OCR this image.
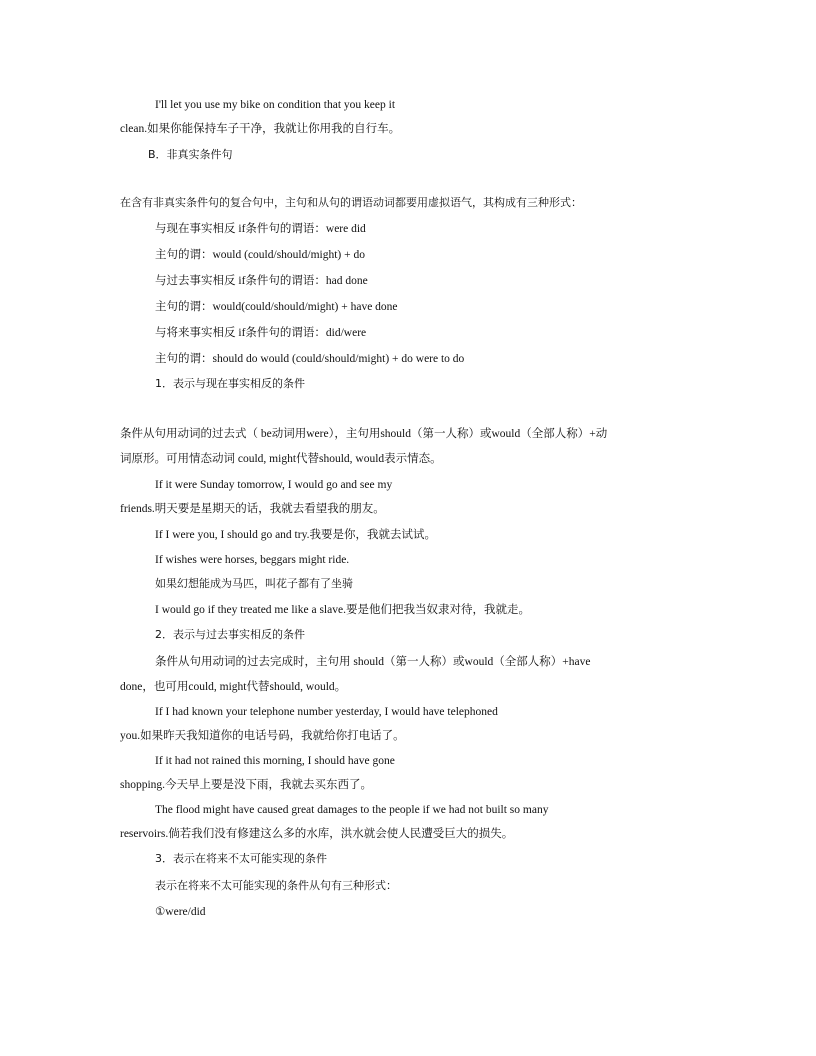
I'll let you use my bike on condition that you keep it
clean.如果你能保持车子干净，我就让你用我的自行车。
B．非真实条件句
在含有非真实条件句的复合句中，主句和从句的谓语动词都要用虚拟语气，其构成有三种形式：
与现在事实相反 if条件句的谓语：were did
主句的谓：would (could/should/might) + do
与过去事实相反 if条件句的谓语：had done
主句的谓：would(could/should/might) + have done
与将来事实相反 if条件句的谓语：did/were
主句的谓：should do would (could/should/might) + do were to do
1．表示与现在事实相反的条件
条件从句用动词的过去式（ be动词用were），主句用should（第一人称）或would（全部人称）+动
词原形。可用情态动词 could, might代替should, would表示情态。
If it were Sunday tomorrow, I would go and see my
friends.明天要是星期天的话，我就去看望我的朋友。
If I were you, I should go and try.我要是你，我就去试试。
If wishes were horses, beggars might ride.
如果幻想能成为马匹，叫花子都有了坐骑
I would go if they treated me like a slave.要是他们把我当奴隶对待，我就走。
2．表示与过去事实相反的条件
条件从句用动词的过去完成时，主句用 should（第一人称）或would（全部人称）+have
done，也可用could, might代替should, would。
If I had known your telephone number yesterday, I would have telephoned
you.如果昨天我知道你的电话号码，我就给你打电话了。
If it had not rained this morning, I should have gone
shopping.今天早上要是没下雨，我就去买东西了。
The flood might have caused great damages to the people if we had not built so many
reservoirs.倘若我们没有修建这么多的水库，洪水就会使人民遭受巨大的损失。
3．表示在将来不太可能实现的条件
表示在将来不太可能实现的条件从句有三种形式：
①were/did
